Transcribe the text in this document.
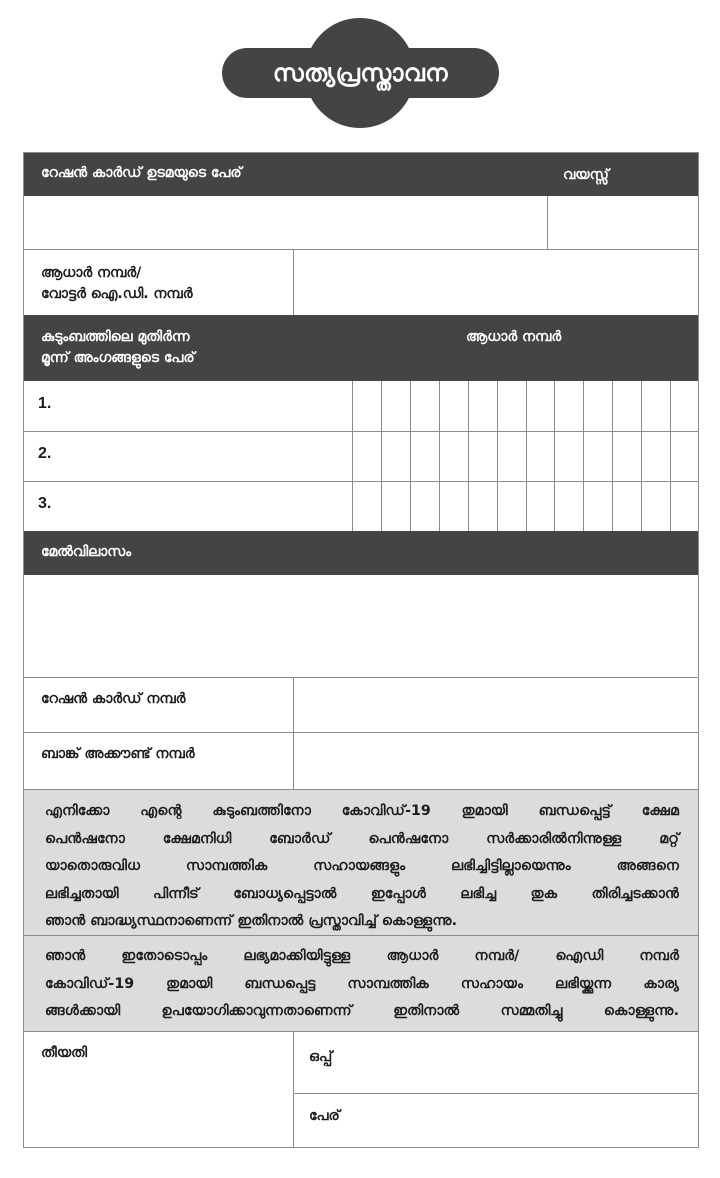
സത്യപ്രസ്താവന
റേഷൻ കാർഡ് ഉടമയുടെ പേര്	വയസ്സ്
ആധാർ നമ്പർ/
വോട്ടർ ഐ.ഡി. നമ്പർ
കുടുംബത്തിലെ മുതിർന്ന
മൂന്ന് അംഗങ്ങളുടെ പേര്
ആധാർ നമ്പർ
1.
2.
3.
മേൽവിലാസം
റേഷൻ കാർഡ് നമ്പർ
ബാങ്ക് അക്കൗണ്ട് നമ്പർ
എനിക്കോ എന്റെ കുടുംബത്തിനോ കോവിഡ്-19 തുമായി ബന്ധപ്പെട്ട് ക്ഷേമ
പെൻഷനോ ക്ഷേമനിധി ബോർഡ് പെൻഷനോ സർക്കാരിൽനിന്നുള്ള മറ്റ്
യാതൊരുവിധ സാമ്പത്തിക സഹായങ്ങളും ലഭിച്ചിട്ടില്ലായെന്നും അങ്ങനെ
ലഭിച്ചതായി പിന്നീട് ബോധ്യപ്പെട്ടാൽ ഇപ്പോൾ ലഭിച്ച തുക തിരിച്ചടക്കാൻ
ഞാൻ ബാദ്ധ്യസ്ഥനാണെന്ന് ഇതിനാൽ പ്രസ്താവിച്ച് കൊള്ളുന്നു.
ഞാൻ ഇതോടൊപ്പം ലഭ്യമാക്കിയിട്ടുള്ള ആധാർ നമ്പർ/ ഐഡി നമ്പർ
കോവിഡ്-19 തുമായി ബന്ധപ്പെട്ട സാമ്പത്തിക സഹായം ലഭിയ്ക്കുന്ന കാര്യ
ങ്ങൾക്കായി ഉപയോഗിക്കാവുന്നതാണെന്ന് ഇതിനാൽ സമ്മതിച്ചു കൊള്ളുന്നു.
തീയതി	ഒപ്പ്
പേര്
